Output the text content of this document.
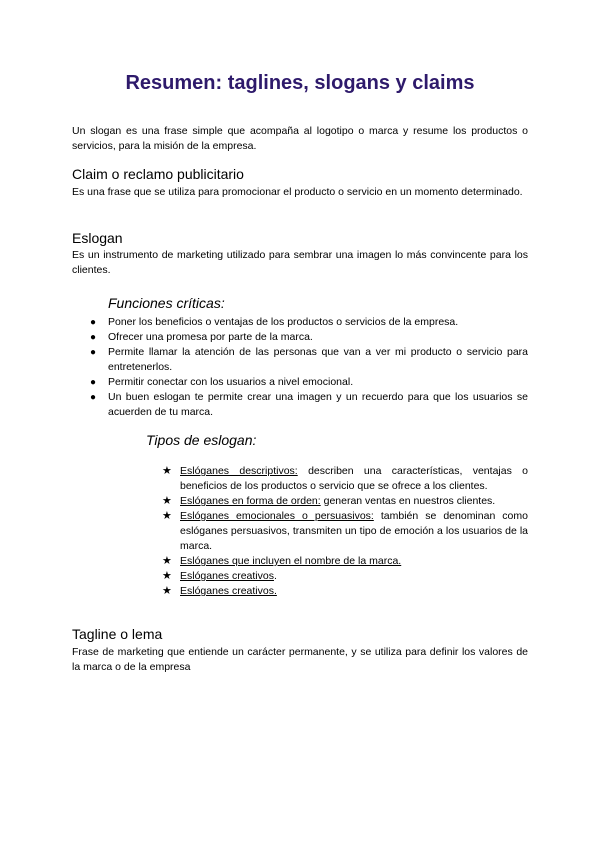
Resumen: taglines, slogans y claims

Un slogan es una frase simple que acompaña al logotipo o marca y resume los productos o servicios, para la misión de la empresa.

Claim o reclamo publicitario

Es una frase que se utiliza para promocionar el producto o servicio en un momento determinado.

Eslogan

Es un instrumento de marketing utilizado para sembrar una imagen lo más convincente para los clientes.

Funciones críticas:
● Poner los beneficios o ventajas de los productos o servicios de la empresa.
● Ofrecer una promesa por parte de la marca.
● Permite llamar la atención de las personas que van a ver mi producto o servicio para entretenerlos.
● Permitir conectar con los usuarios a nivel emocional.
● Un buen eslogan te permite crear una imagen y un recuerdo para que los usuarios se acuerden de tu marca.
Tipos de eslogan:
★ Eslóganes descriptivos: describen una características, ventajas o beneficios de los productos o servicio que se ofrece a los clientes.
★ Eslóganes en forma de orden: generan ventas en nuestros clientes.
★ Eslóganes emocionales o persuasivos: también se denominan como eslóganes persuasivos, transmiten un tipo de emoción a los usuarios de la marca.
★ Eslóganes que incluyen el nombre de la marca.
★ Eslóganes creativos.
★ Eslóganes creativos.
Tagline o lema

Frase de marketing que entiende un carácter permanente, y se utiliza para definir los valores de la marca o de la empresa
